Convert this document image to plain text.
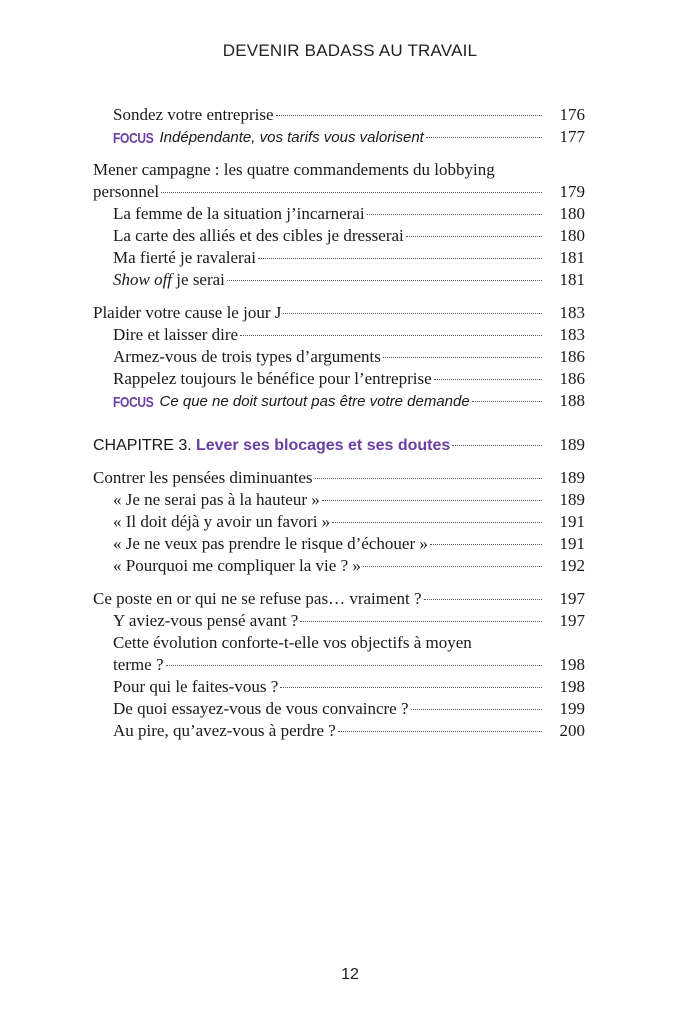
DEVENIR BADASS AU TRAVAIL
Sondez votre entreprise	176
FOCUS Indépendante, vos tarifs vous valorisent	177
Mener campagne : les quatre commandements du lobbying
personnel	179
La femme de la situation j’incarnerai	180
La carte des alliés et des cibles je dresserai	180
Ma fierté je ravalerai	181
Show off je serai	181
Plaider votre cause le jour J	183
Dire et laisser dire	183
Armez-vous de trois types d’arguments	186
Rappelez toujours le bénéfice pour l’entreprise	186
FOCUS Ce que ne doit surtout pas être votre demande	188
CHAPITRE 3. Lever ses blocages et ses doutes	189
Contrer les pensées diminuantes	189
« Je ne serai pas à la hauteur »	189
« Il doit déjà y avoir un favori »	191
« Je ne veux pas prendre le risque d’échouer »	191
« Pourquoi me compliquer la vie ? »	192
Ce poste en or qui ne se refuse pas… vraiment ?	197
Y aviez-vous pensé avant ?	197
Cette évolution conforte-t-elle vos objectifs à moyen
terme ?	198
Pour qui le faites-vous ?	198
De quoi essayez-vous de vous convaincre ?	199
Au pire, qu’avez-vous à perdre ?	200
12
